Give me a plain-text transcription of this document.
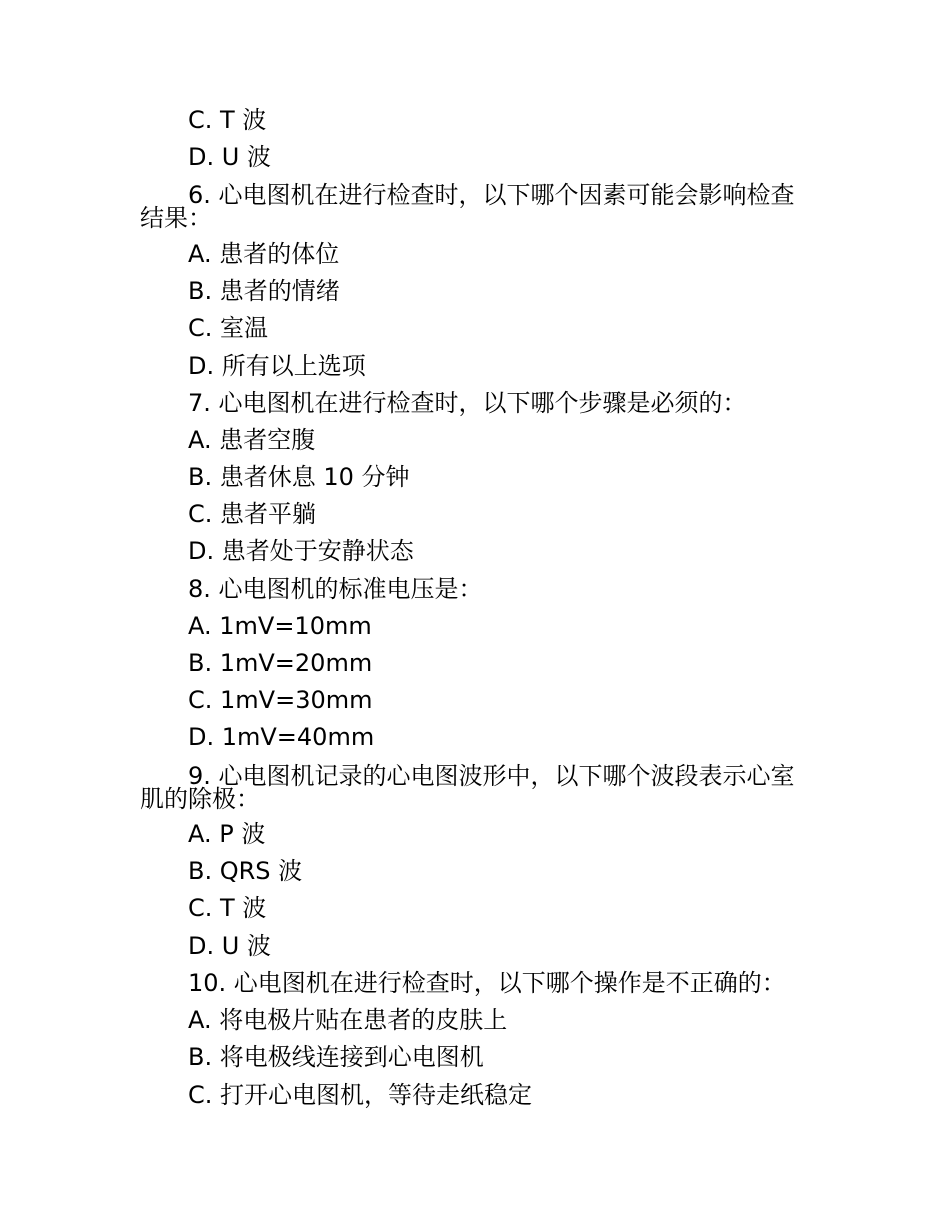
C. T 波
D. U 波
6. 心电图机在进行检查时，以下哪个因素可能会影响检查
结果：
A. 患者的体位
B. 患者的情绪
C. 室温
D. 所有以上选项
7. 心电图机在进行检查时，以下哪个步骤是必须的：
A. 患者空腹
B. 患者休息 10 分钟
C. 患者平躺
D. 患者处于安静状态
8. 心电图机的标准电压是：
A. 1mV=10mm
B. 1mV=20mm
C. 1mV=30mm
D. 1mV=40mm
9. 心电图机记录的心电图波形中，以下哪个波段表示心室
肌的除极：
A. P 波
B. QRS 波
C. T 波
D. U 波
10. 心电图机在进行检查时，以下哪个操作是不正确的：
A. 将电极片贴在患者的皮肤上
B. 将电极线连接到心电图机
C. 打开心电图机，等待走纸稳定
